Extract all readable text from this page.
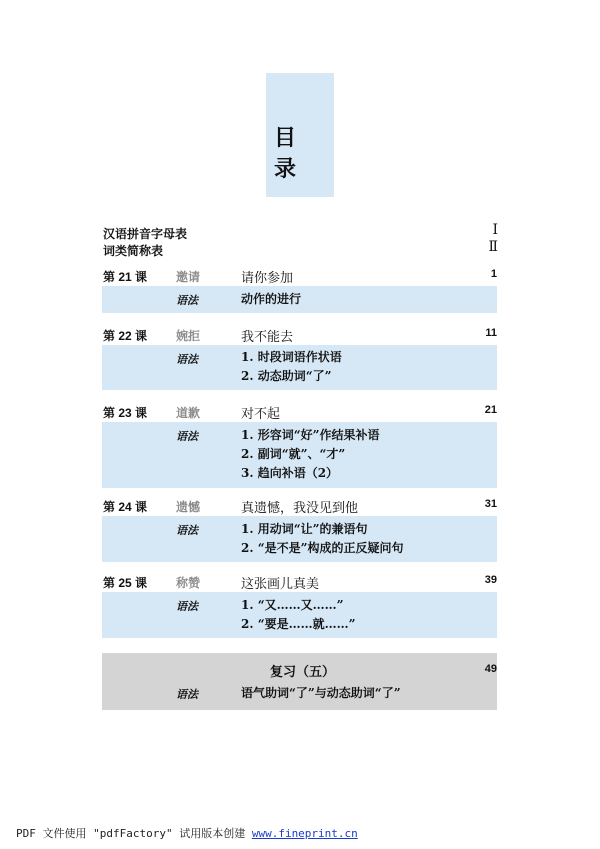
目 录
汉语拼音字母表	Ⅰ
词类简称表	Ⅱ
第 21 课 邀请	请你参加	1
语法	动作的进行
第 22 课 婉拒	我不能去	11
语法	1. 时段词语作状语
2. 动态助词“了”
第 23 课 道歉	对不起	21
语法	1. 形容词“好”作结果补语
2. 副词“就”、“才”
3. 趋向补语（2）
第 24 课 遗憾	真遗憾，我没见到他	31
语法	1. 用动词“让”的兼语句
2. “是不是”构成的正反疑问句
第 25 课 称赞	这张画儿真美	39
语法	1. “又……又……”
2. “要是……就……”
复习（五）	49
语法	语气助词“了”与动态助词“了”
PDF 文件使用 "pdfFactory" 试用版本创建 www.fineprint.cn
